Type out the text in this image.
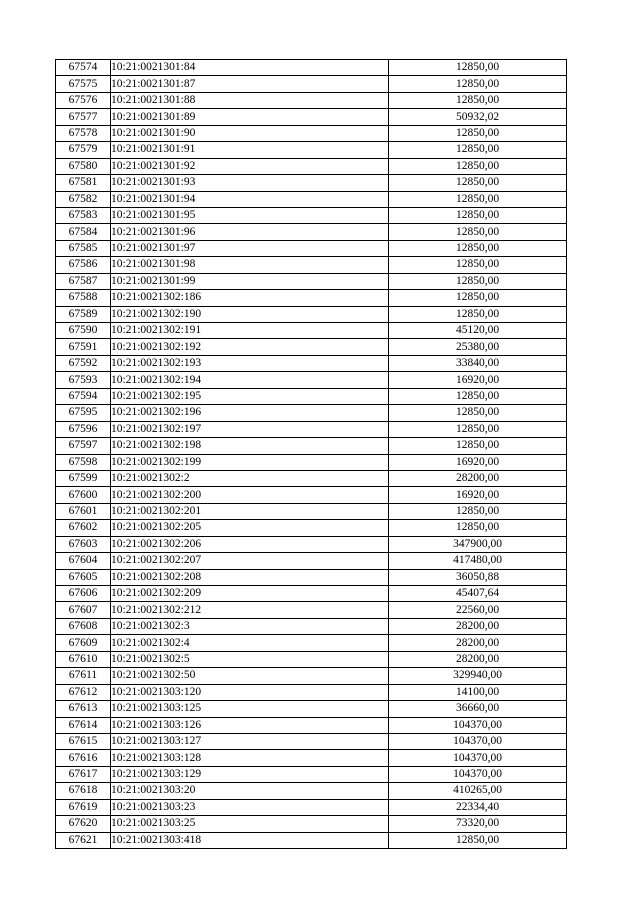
67574	10:21:0021301:84	12850,00
67575	10:21:0021301:87	12850,00
67576	10:21:0021301:88	12850,00
67577	10:21:0021301:89	50932,02
67578	10:21:0021301:90	12850,00
67579	10:21:0021301:91	12850,00
67580	10:21:0021301:92	12850,00
67581	10:21:0021301:93	12850,00
67582	10:21:0021301:94	12850,00
67583	10:21:0021301:95	12850,00
67584	10:21:0021301:96	12850,00
67585	10:21:0021301:97	12850,00
67586	10:21:0021301:98	12850,00
67587	10:21:0021301:99	12850,00
67588	10:21:0021302:186	12850,00
67589	10:21:0021302:190	12850,00
67590	10:21:0021302:191	45120,00
67591	10:21:0021302:192	25380,00
67592	10:21:0021302:193	33840,00
67593	10:21:0021302:194	16920,00
67594	10:21:0021302:195	12850,00
67595	10:21:0021302:196	12850,00
67596	10:21:0021302:197	12850,00
67597	10:21:0021302:198	12850,00
67598	10:21:0021302:199	16920,00
67599	10:21:0021302:2	28200,00
67600	10:21:0021302:200	16920,00
67601	10:21:0021302:201	12850,00
67602	10:21:0021302:205	12850,00
67603	10:21:0021302:206	347900,00
67604	10:21:0021302:207	417480,00
67605	10:21:0021302:208	36050,88
67606	10:21:0021302:209	45407,64
67607	10:21:0021302:212	22560,00
67608	10:21:0021302:3	28200,00
67609	10:21:0021302:4	28200,00
67610	10:21:0021302:5	28200,00
67611	10:21:0021302:50	329940,00
67612	10:21:0021303:120	14100,00
67613	10:21:0021303:125	36660,00
67614	10:21:0021303:126	104370,00
67615	10:21:0021303:127	104370,00
67616	10:21:0021303:128	104370,00
67617	10:21:0021303:129	104370,00
67618	10:21:0021303:20	410265,00
67619	10:21:0021303:23	22334,40
67620	10:21:0021303:25	73320,00
67621	10:21:0021303:418	12850,00
